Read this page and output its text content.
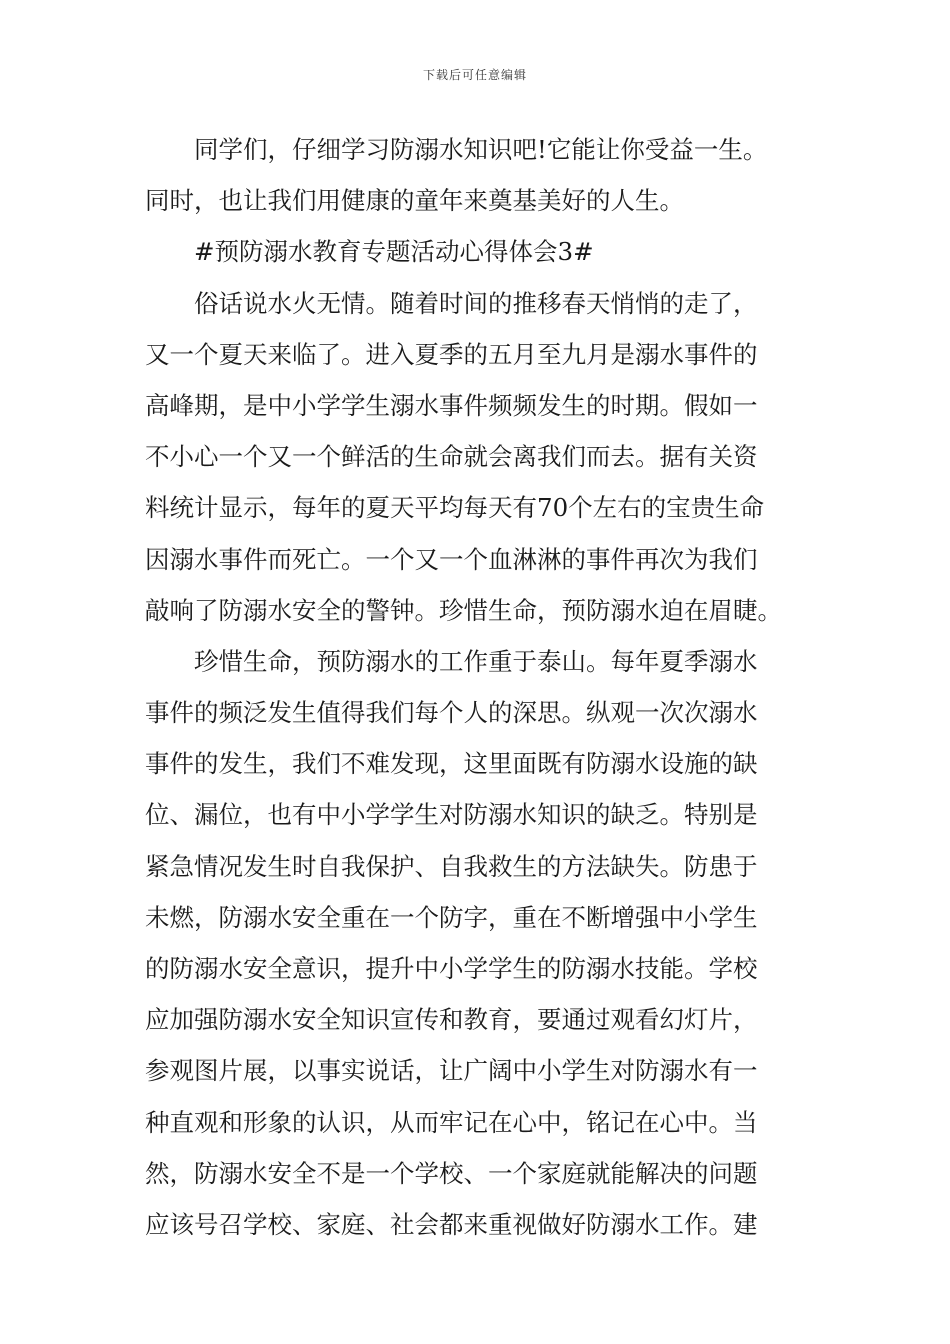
下载后可任意编辑
同学们，仔细学习防溺水知识吧!它能让你受益一生。
同时，也让我们用健康的童年来奠基美好的人生。
#预防溺水教育专题活动心得体会3#
俗话说水火无情。随着时间的推移春天悄悄的走了，
又一个夏天来临了。进入夏季的五月至九月是溺水事件的
高峰期，是中小学学生溺水事件频频发生的时期。假如一
不小心一个又一个鲜活的生命就会离我们而去。据有关资
料统计显示，每年的夏天平均每天有70个左右的宝贵生命
因溺水事件而死亡。一个又一个血淋淋的事件再次为我们
敲响了防溺水安全的警钟。珍惜生命，预防溺水迫在眉睫。
珍惜生命，预防溺水的工作重于泰山。每年夏季溺水
事件的频泛发生值得我们每个人的深思。纵观一次次溺水
事件的发生，我们不难发现，这里面既有防溺水设施的缺
位、漏位，也有中小学学生对防溺水知识的缺乏。特别是
紧急情况发生时自我保护、自我救生的方法缺失。防患于
未燃，防溺水安全重在一个防字，重在不断增强中小学生
的防溺水安全意识，提升中小学学生的防溺水技能。学校
应加强防溺水安全知识宣传和教育，要通过观看幻灯片，
参观图片展，以事实说话，让广阔中小学生对防溺水有一
种直观和形象的认识，从而牢记在心中，铭记在心中。当
然，防溺水安全不是一个学校、一个家庭就能解决的问题
应该号召学校、家庭、社会都来重视做好防溺水工作。建
